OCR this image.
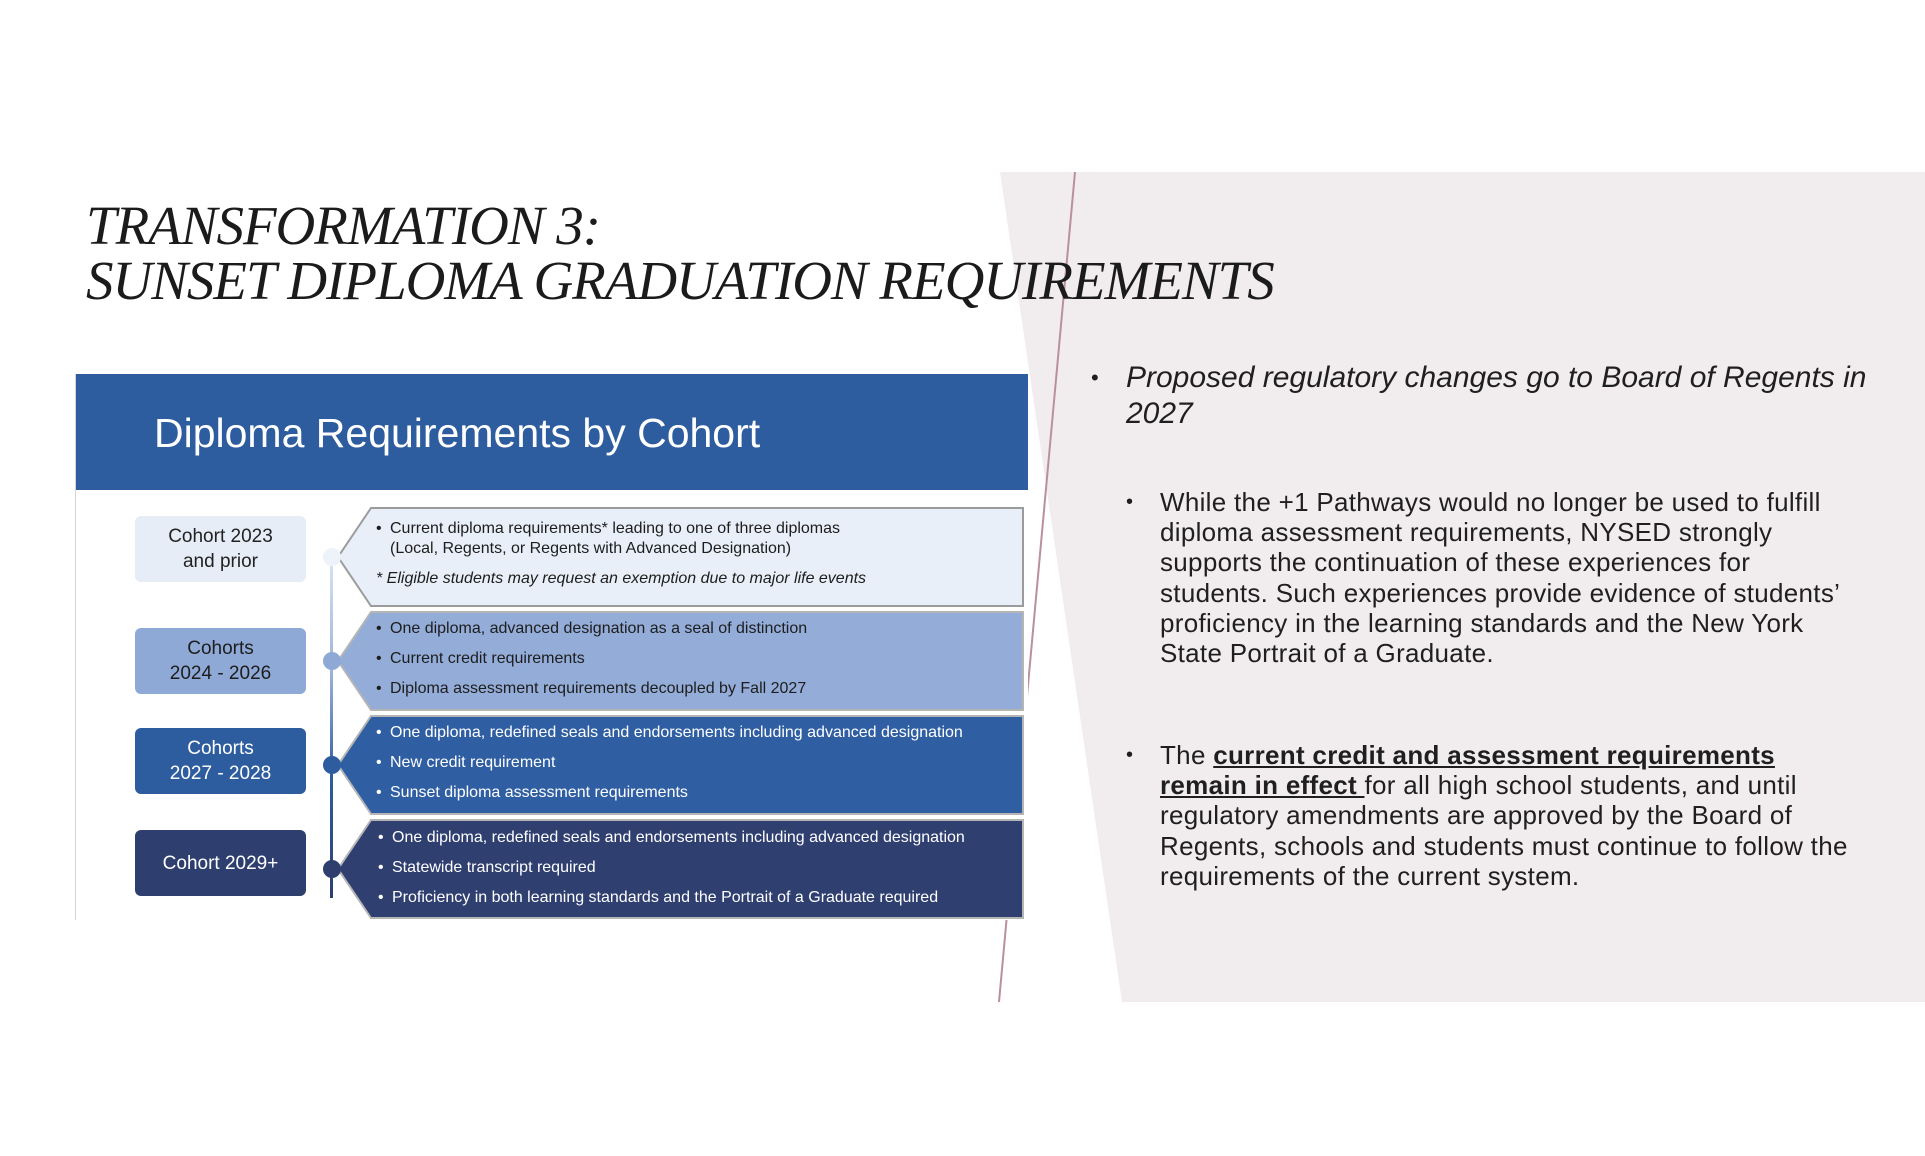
TRANSFORMATION 3:
SUNSET DIPLOMA GRADUATION REQUIREMENTS
Diploma Requirements by Cohort
Cohort 2023
and prior
Cohorts
2024 - 2026
Cohorts
2027 - 2028
Cohort 2029+
• Current diploma requirements* leading to one of three diplomas
(Local, Regents, or Regents with Advanced Designation)
* Eligible students may request an exemption due to major life events
• One diploma, advanced designation as a seal of distinction
• Current credit requirements
• Diploma assessment requirements decoupled by Fall 2027
• One diploma, redefined seals and endorsements including advanced designation
• New credit requirement
• Sunset diploma assessment requirements
• One diploma, redefined seals and endorsements including advanced designation
• Statewide transcript required
• Proficiency in both learning standards and the Portrait of a Graduate required
• Proposed regulatory changes go to Board of Regents in 2027
• While the +1 Pathways would no longer be used to fulfill diploma assessment requirements, NYSED strongly supports the continuation of these experiences for students. Such experiences provide evidence of students’ proficiency in the learning standards and the New York State Portrait of a Graduate.
• The current credit and assessment requirements remain in effect for all high school students, and until regulatory amendments are approved by the Board of Regents, schools and students must continue to follow the requirements of the current system.
